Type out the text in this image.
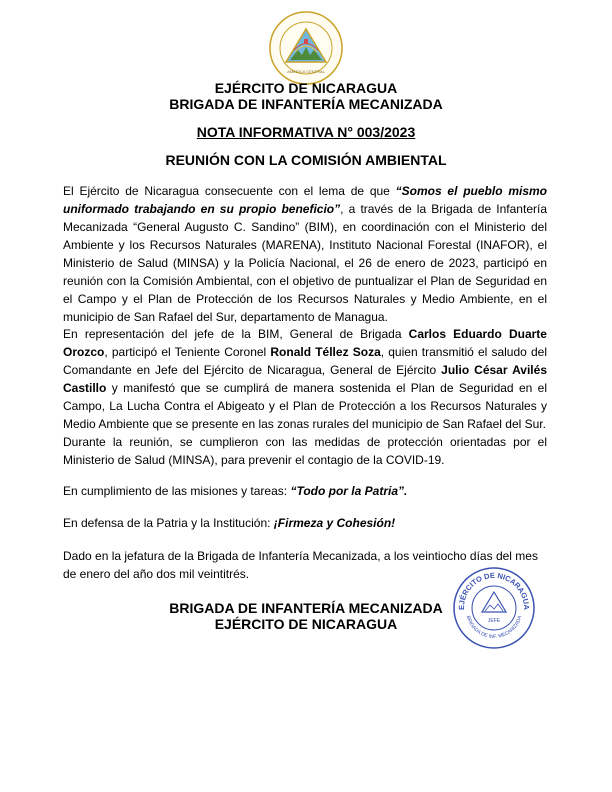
AMÉRICA CENTRAL
EJÉRCITO DE NICARAGUA
BRIGADA DE INFANTERÍA MECANIZADA
NOTA INFORMATIVA N° 003/2023
REUNIÓN CON LA COMISIÓN AMBIENTAL

El Ejército de Nicaragua consecuente con el lema de que “Somos el pueblo mismo uniformado trabajando en su propio beneficio”, a través de la Brigada de Infantería Mecanizada “General Augusto C. Sandino” (BIM), en coordinación con el Ministerio del Ambiente y los Recursos Naturales (MARENA), Instituto Nacional Forestal (INAFOR), el Ministerio de Salud (MINSA) y la Policía Nacional, el 26 de enero de 2023, participó en reunión con la Comisión Ambiental, con el objetivo de puntualizar el Plan de Seguridad en el Campo y el Plan de Protección de los Recursos Naturales y Medio Ambiente, en el municipio de San Rafael del Sur, departamento de Managua.

En representación del jefe de la BIM, General de Brigada Carlos Eduardo Duarte Orozco, participó el Teniente Coronel Ronald Téllez Soza, quien transmitió el saludo del Comandante en Jefe del Ejército de Nicaragua, General de Ejército Julio César Avilés Castillo y manifestó que se cumplirá de manera sostenida el Plan de Seguridad en el Campo, La Lucha Contra el Abigeato y el Plan de Protección a los Recursos Naturales y Medio Ambiente que se presente en las zonas rurales del municipio de San Rafael del Sur.

Durante la reunión, se cumplieron con las medidas de protección orientadas por el Ministerio de Salud (MINSA), para prevenir el contagio de la COVID-19.

En cumplimiento de las misiones y tareas: “Todo por la Patria”.

En defensa de la Patria y la Institución: ¡Firmeza y Cohesión!

Dado en la jefatura de la Brigada de Infantería Mecanizada, a los veintiocho días del mes de enero del año dos mil veintitrés.

BRIGADA DE INFANTERÍA MECANIZADA
EJÉRCITO DE NICARAGUA
EJÉRCITO DE NICARAGUA
BRIGADA DE INF. MECANIZADA
JEFE
